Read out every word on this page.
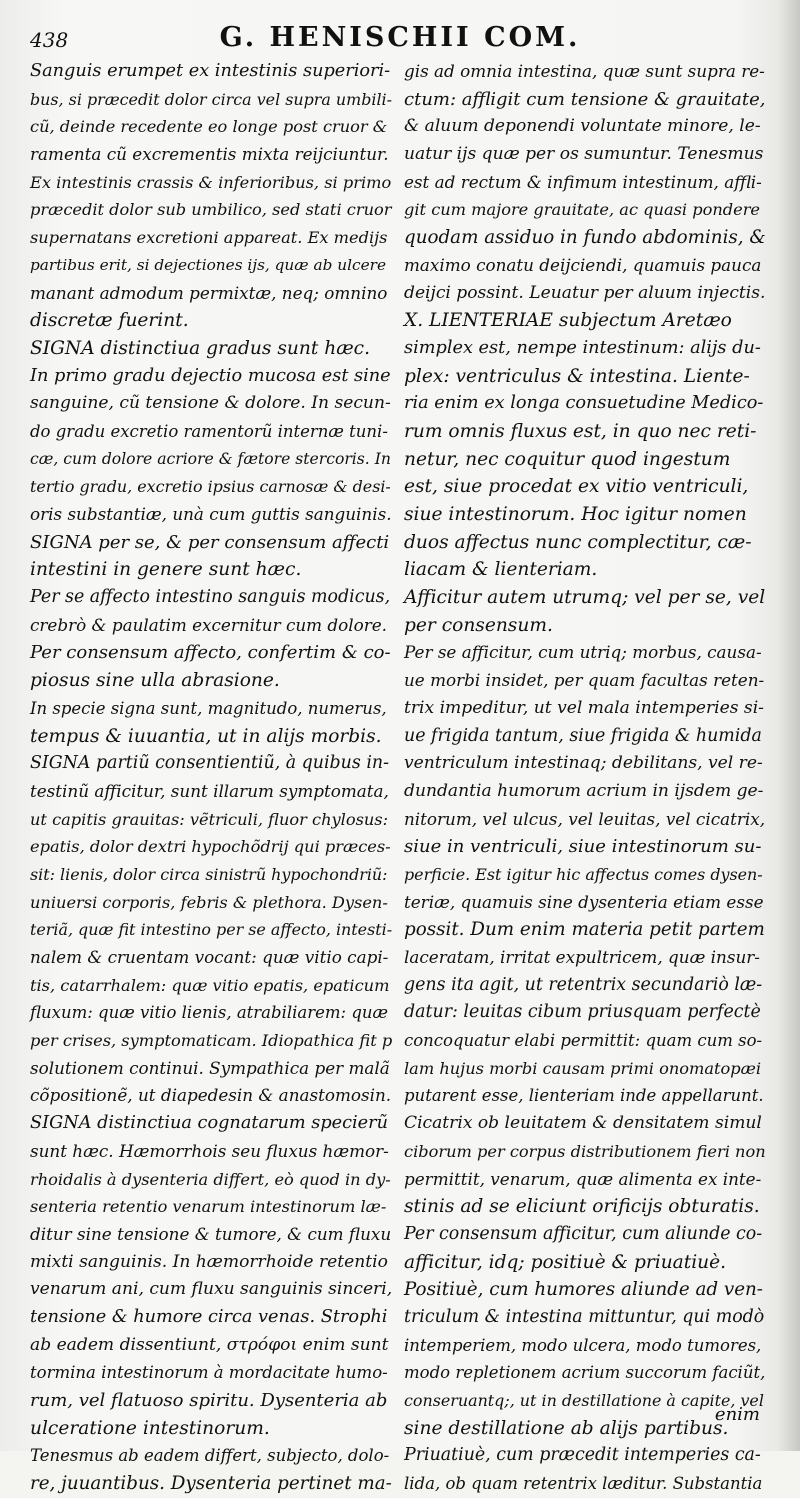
438	G. HENISCHII COM.
Sanguis erumpet ex intestinis superiori-
bus, si præcedit dolor circa vel supra umbili-
cũ, deinde recedente eo longe post cruor &
ramenta cũ excrementis mixta reijciuntur.
Ex intestinis crassis & inferioribus, si primo
præcedit dolor sub umbilico, sed stati cruor
supernatans excretioni appareat. Ex medijs
partibus erit, si dejectiones ijs, quæ ab ulcere
manant admodum permixtæ, neq; omnino
discretæ fuerint.
SIGNA distinctiua gradus sunt hæc.
In primo gradu dejectio mucosa est sine
sanguine, cũ tensione & dolore. In secun-
do gradu excretio ramentorũ internæ tuni-
cæ, cum dolore acriore & fætore stercoris. In
tertio gradu, excretio ipsius carnosæ & desi-
oris substantiæ, unà cum guttis sanguinis.
SIGNA per se, & per consensum affecti
intestini in genere sunt hæc.
Per se affecto intestino sanguis modicus,
crebrò & paulatim excernitur cum dolore.
Per consensum affecto, confertim & co-
piosus sine ulla abrasione.
In specie signa sunt, magnitudo, numerus,
tempus & iuuantia, ut in alijs morbis.
SIGNA partiũ consentientiũ, à quibus in-
testinũ afficitur, sunt illarum symptomata,
ut capitis grauitas: vẽtriculi, fluor chylosus:
epatis, dolor dextri hypochõdrij qui præces-
sit: lienis, dolor circa sinistrũ hypochondriũ:
uniuersi corporis, febris & plethora. Dysen-
teriã, quæ fit intestino per se affecto, intesti-
nalem & cruentam vocant: quæ vitio capi-
tis, catarrhalem: quæ vitio epatis, epaticum
fluxum: quæ vitio lienis, atrabiliarem: quæ
per crises, symptomaticam. Idiopathica fit p
solutionem continui. Sympathica per malã
cõpositionẽ, ut diapedesin & anastomosin.
SIGNA distinctiua cognatarum specierũ
sunt hæc. Hæmorrhois seu fluxus hæmor-
rhoidalis à dysenteria differt, eò quod in dy-
senteria retentio venarum intestinorum læ-
ditur sine tensione & tumore, & cum fluxu
mixti sanguinis. In hæmorrhoide retentio
venarum ani, cum fluxu sanguinis sinceri,
tensione & humore circa venas. Strophi
ab eadem dissentiunt, στρόφοι enim sunt
tormina intestinorum à mordacitate humo-
rum, vel flatuoso spiritu. Dysenteria ab
ulceratione intestinorum.
Tenesmus ab eadem differt, subjecto, dolo-
re, juuantibus. Dysenteria pertinet ma-
gis ad omnia intestina, quæ sunt supra re-
ctum: affligit cum tensione & grauitate,
& aluum deponendi voluntate minore, le-
uatur ijs quæ per os sumuntur. Tenesmus
est ad rectum & infimum intestinum, affli-
git cum majore grauitate, ac quasi pondere
quodam assiduo in fundo abdominis, &
maximo conatu deijciendi, quamuis pauca
deijci possint. Leuatur per aluum injectis.
X. LIENTERIAE subjectum Aretæo
simplex est, nempe intestinum: alijs du-
plex: ventriculus & intestina. Liente-
ria enim ex longa consuetudine Medico-
rum omnis fluxus est, in quo nec reti-
netur, nec coquitur quod ingestum
est, siue procedat ex vitio ventriculi,
siue intestinorum. Hoc igitur nomen
duos affectus nunc complectitur, cæ-
liacam & lienteriam.
Afficitur autem utrumq; vel per se, vel
per consensum.
Per se afficitur, cum utriq; morbus, causa-
ue morbi insidet, per quam facultas reten-
trix impeditur, ut vel mala intemperies si-
ue frigida tantum, siue frigida & humida
ventriculum intestinaq; debilitans, vel re-
dundantia humorum acrium in ijsdem ge-
nitorum, vel ulcus, vel leuitas, vel cicatrix,
siue in ventriculi, siue intestinorum su-
perficie. Est igitur hic affectus comes dysen-
teriæ, quamuis sine dysenteria etiam esse
possit. Dum enim materia petit partem
laceratam, irritat expultricem, quæ insur-
gens ita agit, ut retentrix secundariò læ-
datur: leuitas cibum priusquam perfectè
concoquatur elabi permittit: quam cum so-
lam hujus morbi causam primi onomatopæi
putarent esse, lienteriam inde appellarunt.
Cicatrix ob leuitatem & densitatem simul
ciborum per corpus distributionem fieri non
permittit, venarum, quæ alimenta ex inte-
stinis ad se eliciunt orificijs obturatis.
Per consensum afficitur, cum aliunde co-
afficitur, idq; positiuè & priuatiuè.
Positiuè, cum humores aliunde ad ven-
triculum & intestina mittuntur, qui modò
intemperiem, modo ulcera, modo tumores,
modo repletionem acrium succorum faciũt,
conseruantq;, ut in destillatione à capite, vel
sine destillatione ab alijs partibus.
Priuatiuè, cum præcedit intemperies ca-
lida, ob quam retentrix læditur. Substantia
enim
